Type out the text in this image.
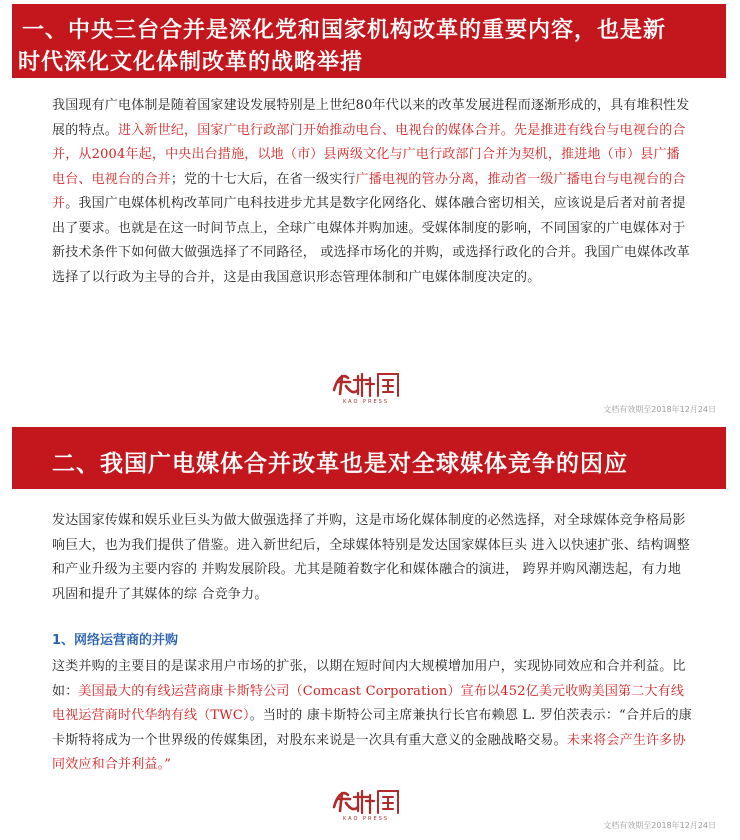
一、中央三台合并是深化党和国家机构改革的重要内容，也是新
时代深化文化体制改革的战略举措
我国现有广电体制是随着国家建设发展特别是上世纪80年代以来的改革发展进程而逐渐形成的，具有堆积性发展的特点。进入新世纪，国家广电行政部门开始推动电台、电视台的媒体合并。先是推进有线台与电视台的合并，从2004年起，中央出台措施，以地（市）县两级文化与广电行政部门合并为契机，推进地（市）县广播电台、电视台的合并；党的十七大后，在省一级实行广播电视的管办分离，推动省一级广播电台与电视台的合并。我国广电媒体机构改革同广电科技进步尤其是数字化网络化、媒体融合密切相关，应该说是后者对前者提出了要求。也就是在这一时间节点上，全球广电媒体并购加速。受媒体制度的影响，不同国家的广电媒体对于新技术条件下如何做大做强选择了不同路径， 或选择市场化的并购，或选择行政化的合并。我国广电媒体改革选择了以行政为主导的合并，这是由我国意识形态管理体制和广电媒体制度决定的。
KAO PRESS
文档有效期至2018年12月24日
二、我国广电媒体合并改革也是对全球媒体竞争的因应
发达国家传媒和娱乐业巨头为做大做强选择了并购，这是市场化媒体制度的必然选择，对全球媒体竞争格局影响巨大，也为我们提供了借鉴。进入新世纪后，全球媒体特别是发达国家媒体巨头 进入以快速扩张、结构调整和产业升级为主要内容的 并购发展阶段。尤其是随着数字化和媒体融合的演进， 跨界并购风潮迭起，有力地巩固和提升了其媒体的综 合竞争力。
1、网络运营商的并购
这类并购的主要目的是谋求用户市场的扩张，以期在短时间内大规模增加用户，实现协同效应和合并利益。比如：美国最大的有线运营商康卡斯特公司（Comcast Corporation）宣布以452亿美元收购美国第二大有线电视运营商时代华纳有线（TWC）。当时的 康卡斯特公司主席兼执行长官布赖恩 L. 罗伯茨表示：“合并后的康卡斯特将成为一个世界级的传媒集团，对股东来说是一次具有重大意义的金融战略交易。未来将会产生许多协同效应和合并利益。”
KAO PRESS
文档有效期至2018年12月24日
